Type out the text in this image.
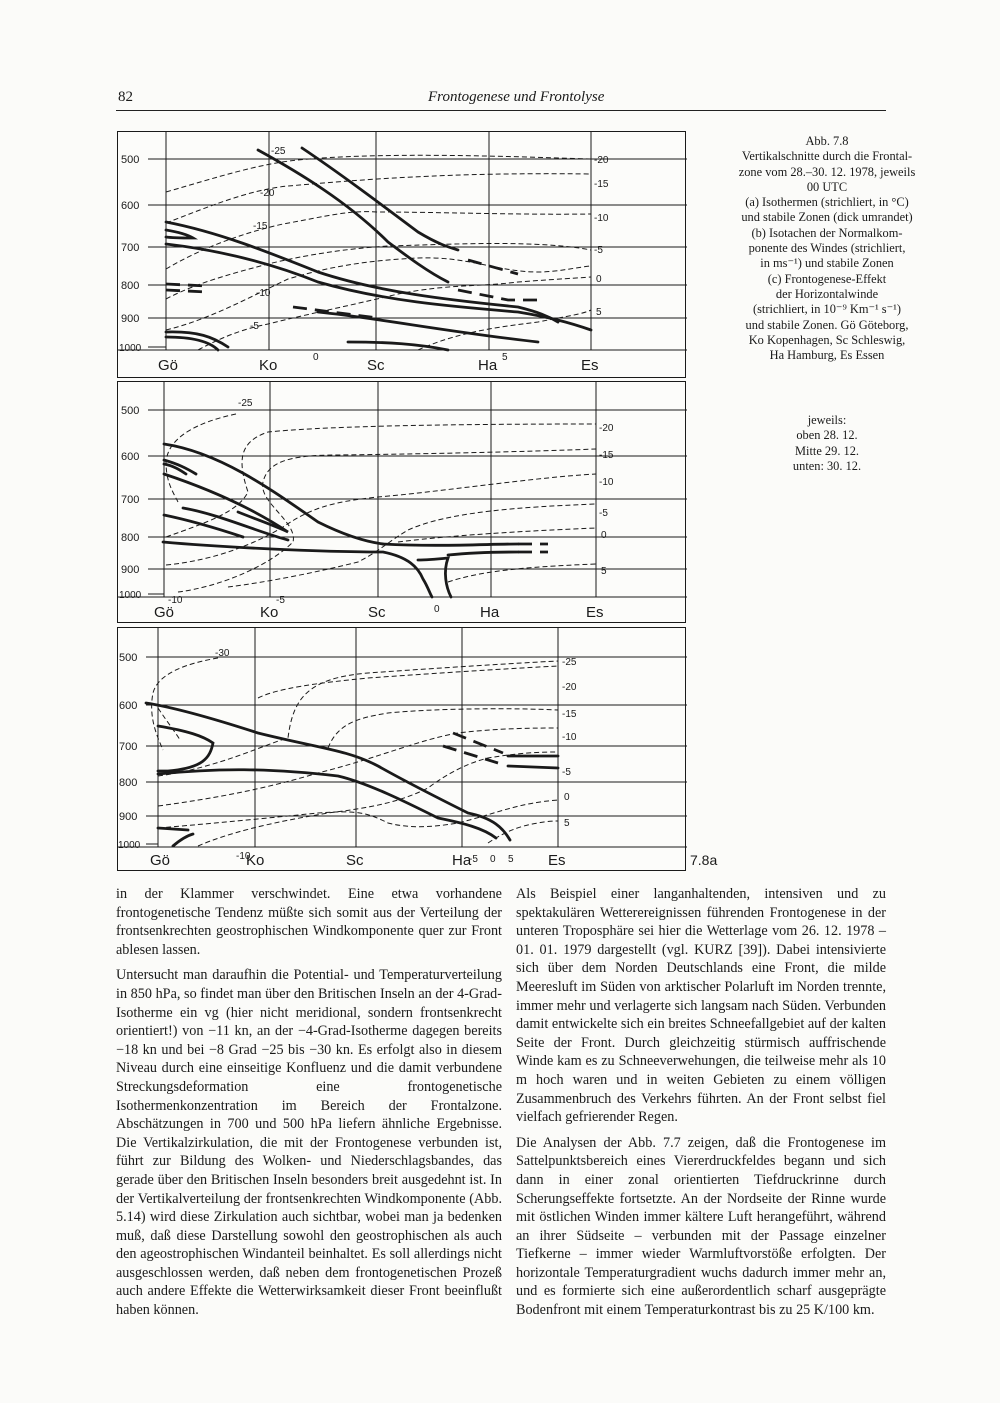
82	Frontogenese und Frontolyse
500
600
700
800
900
1000
Gö	Ko	Sc	Ha	Es
-20
-15
-10
-5
0
5
-25
-20
-15
-10
-5
0	5
500
600
700
800
900
1000
Gö	Ko	Sc	Ha	Es
-20
-15
-10
-5
0
5
-25
-10	-5
0
500
600
700
800
900
1000
Gö	Ko	Sc	Ha	Es
-25
-20
-15
-10
-5
0
5
-30
-10	-5 0 5	7.8a
Abb. 7.8
Vertikalschnitte durch die Frontal-
zone vom 28.–30. 12. 1978, jeweils
00 UTC
(a) Isothermen (strichliert, in °C)
und stabile Zonen (dick umrandet)
(b) Isotachen der Normalkom-
ponente des Windes (strichliert,
in ms⁻¹) und stabile Zonen
(c) Frontogenese-Effekt
der Horizontalwinde
(strichliert, in 10⁻⁹ Km⁻¹ s⁻¹)
und stabile Zonen. Gö Göteborg,
Ko Kopenhagen, Sc Schleswig,
Ha Hamburg, Es Essen
jeweils:
oben 28. 12.
Mitte 29. 12.
unten: 30. 12.

in der Klammer verschwindet. Eine etwa vorhandene frontogenetische Tendenz müßte sich somit aus der Verteilung der frontsenkrechten geostrophischen Windkomponente quer zur Front ablesen lassen.

Untersucht man daraufhin die Potential- und Temperaturverteilung in 850 hPa, so findet man über den Britischen Inseln an der 4-Grad-Isotherme ein vg (hier nicht meridional, sondern frontsenkrecht orientiert!) von −11 kn, an der −4-Grad-Isotherme dagegen bereits −18 kn und bei −8 Grad −25 bis −30 kn. Es erfolgt also in diesem Niveau durch eine einseitige Konfluenz und die damit verbundene Streckungsdeformation eine frontogenetische Isothermenkonzentration im Bereich der Frontalzone. Abschätzungen in 700 und 500 hPa liefern ähnliche Ergebnisse. Die Vertikalzirkulation, die mit der Frontogenese verbunden ist, führt zur Bildung des Wolken- und Niederschlagsbandes, das gerade über den Britischen Inseln besonders breit ausgedehnt ist. In der Vertikalverteilung der frontsenkrechten Windkomponente (Abb. 5.14) wird diese Zirkulation auch sichtbar, wobei man ja bedenken muß, daß diese Darstellung sowohl den geostrophischen als auch den ageostrophischen Windanteil beinhaltet. Es soll allerdings nicht ausgeschlossen werden, daß neben dem frontogenetischen Prozeß auch andere Effekte die Wetterwirksamkeit dieser Front beeinflußt haben können.

Als Beispiel einer langanhaltenden, intensiven und zu spektakulären Wetterereignissen führenden Frontogenese in der unteren Troposphäre sei hier die Wetterlage vom 26. 12. 1978 – 01. 01. 1979 dargestellt (vgl. KURZ [39]). Dabei intensivierte sich über dem Norden Deutschlands eine Front, die milde Meeresluft im Süden von arktischer Polarluft im Norden trennte, immer mehr und verlagerte sich langsam nach Süden. Verbunden damit entwickelte sich ein breites Schneefallgebiet auf der kalten Seite der Front. Durch gleichzeitig stürmisch auffrischende Winde kam es zu Schneeverwehungen, die teilweise mehr als 10 m hoch waren und in weiten Gebieten zu einem völligen Zusammenbruch des Verkehrs führten. An der Front selbst fiel vielfach gefrierender Regen.

Die Analysen der Abb. 7.7 zeigen, daß die Frontogenese im Sattelpunktsbereich eines Viererdruckfeldes begann und sich dann in einer zonal orientierten Tiefdruckrinne durch Scherungseffekte fortsetzte. An der Nordseite der Rinne wurde mit östlichen Winden immer kältere Luft herangeführt, während an ihrer Südseite – verbunden mit der Passage einzelner Tiefkerne – immer wieder Warmluftvorstöße erfolgten. Der horizontale Temperaturgradient wuchs dadurch immer mehr an, und es formierte sich eine außerordentlich scharf ausgeprägte Bodenfront mit einem Temperaturkontrast bis zu 25 K/100 km.
